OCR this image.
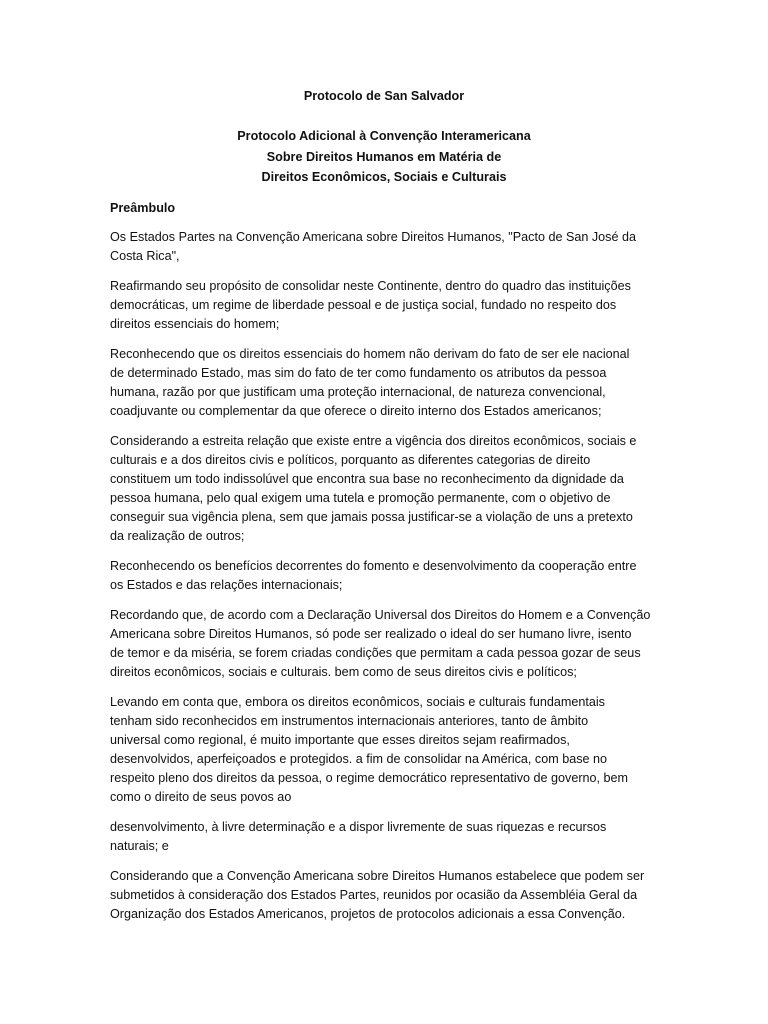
Protocolo de San Salvador
Protocolo Adicional à Convenção Interamericana
Sobre Direitos Humanos em Matéria de
Direitos Econômicos, Sociais e Culturais
Preâmbulo
Os Estados Partes na Convenção Americana sobre Direitos Humanos, "Pacto de San José da
Costa Rica",
Reafirmando seu propósito de consolidar neste Continente, dentro do quadro das instituições
democráticas, um regime de liberdade pessoal e de justiça social, fundado no respeito dos
direitos essenciais do homem;
Reconhecendo que os direitos essenciais do homem não derivam do fato de ser ele nacional
de determinado Estado, mas sim do fato de ter como fundamento os atributos da pessoa
humana, razão por que justificam uma proteção internacional, de natureza convencional,
coadjuvante ou complementar da que oferece o direito interno dos Estados americanos;
Considerando a estreita relação que existe entre a vigência dos direitos econômicos, sociais e
culturais e a dos direitos civis e políticos, porquanto as diferentes categorias de direito
constituem um todo indissolúvel que encontra sua base no reconhecimento da dignidade da
pessoa humana, pelo qual exigem uma tutela e promoção permanente, com o objetivo de
conseguir sua vigência plena, sem que jamais possa justificar-se a violação de uns a pretexto
da realização de outros;
Reconhecendo os benefícios decorrentes do fomento e desenvolvimento da cooperação entre
os Estados e das relações internacionais;
Recordando que, de acordo com a Declaração Universal dos Direitos do Homem e a Convenção
Americana sobre Direitos Humanos, só pode ser realizado o ideal do ser humano livre, isento
de temor e da miséria, se forem criadas condições que permitam a cada pessoa gozar de seus
direitos econômicos, sociais e culturais. bem como de seus direitos civis e políticos;
Levando em conta que, embora os direitos econômicos, sociais e culturais fundamentais
tenham sido reconhecidos em instrumentos internacionais anteriores, tanto de âmbito
universal como regional, é muito importante que esses direitos sejam reafirmados,
desenvolvidos, aperfeiçoados e protegidos. a fim de consolidar na América, com base no
respeito pleno dos direitos da pessoa, o regime democrático representativo de governo, bem
como o direito de seus povos ao
desenvolvimento, à livre determinação e a dispor livremente de suas riquezas e recursos
naturais; e
Considerando que a Convenção Americana sobre Direitos Humanos estabelece que podem ser
submetidos à consideração dos Estados Partes, reunidos por ocasião da Assembléia Geral da
Organização dos Estados Americanos, projetos de protocolos adicionais a essa Convenção.
